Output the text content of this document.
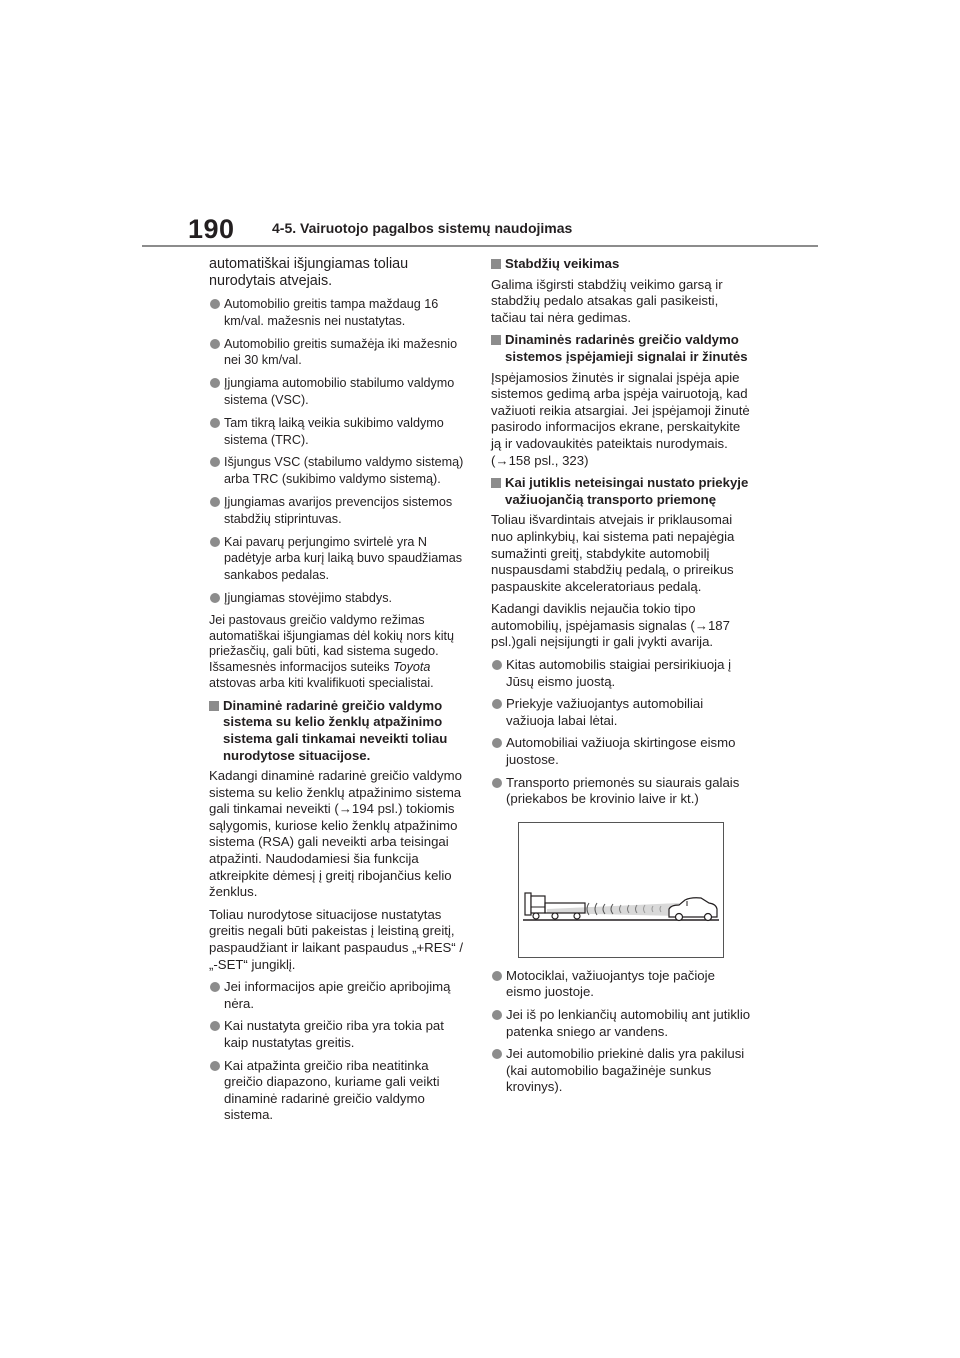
190	4-5. Vairuotojo pagalbos sistemų naudojimas

automatiškai išjungiamas toliau nurodytais atvejais.

Automobilio greitis tampa maždaug 16 km/val. mažesnis nei nustatytas.
Automobilio greitis sumažėja iki mažesnio nei 30 km/val.
Įjungiama automobilio stabilumo valdymo sistema (VSC).
Tam tikrą laiką veikia sukibimo valdymo sistema (TRC).
Išjungus VSC (stabilumo valdymo sistemą) arba TRC (sukibimo valdymo sistemą).
Įjungiamas avarijos prevencijos sistemos stabdžių stiprintuvas.
Kai pavarų perjungimo svirtelė yra N padėtyje arba kurį laiką buvo spaudžiamas sankabos pedalas.
Įjungiamas stovėjimo stabdys.

Jei pastovaus greičio valdymo režimas automatiškai išjungiamas dėl kokių nors kitų priežasčių, gali būti, kad sistema sugedo. Išsamesnės informacijos suteiks Toyota atstovas arba kiti kvalifikuoti specialistai.

Dinaminė radarinė greičio valdymo sistema su kelio ženklų atpažinimo sistema gali tinkamai neveikti toliau nurodytose situacijose.

Kadangi dinaminė radarinė greičio valdymo sistema su kelio ženklų atpažinimo sistema gali tinkamai neveikti (→194 psl.) tokiomis sąlygomis, kuriose kelio ženklų atpažinimo sistema (RSA) gali neveikti arba teisingai atpažinti. Naudodamiesi šia funkcija atkreipkite dėmesį į greitį ribojančius kelio ženklus.

Toliau nurodytose situacijose nustatytas greitis negali būti pakeistas į leistiną greitį, paspaudžiant ir laikant paspaudus „+RES“ / „-SET“ jungiklį.

Jei informacijos apie greičio apribojimą nėra.
Kai nustatyta greičio riba yra tokia pat kaip nustatytas greitis.
Kai atpažinta greičio riba neatitinka greičio diapazono, kuriame gali veikti dinaminė radarinė greičio valdymo sistema.
Stabdžių veikimas

Galima išgirsti stabdžių veikimo garsą ir stabdžių pedalo atsakas gali pasikeisti, tačiau tai nėra gedimas.

Dinaminės radarinės greičio valdymo sistemos įspėjamieji signalai ir žinutės

Įspėjamosios žinutės ir signalai įspėja apie sistemos gedimą arba įspėja vairuotoją, kad važiuoti reikia atsargiai. Jei įspėjamoji žinutė pasirodo informacijos ekrane, perskaitykite ją ir vadovaukitės pateiktais nurodymais. (→158 psl., 323)

Kai jutiklis neteisingai nustato priekyje važiuojančią transporto priemonę

Toliau išvardintais atvejais ir priklausomai nuo aplinkybių, kai sistema pati nepajėgia sumažinti greitį, stabdykite automobilį nuspausdami stabdžių pedalą, o prireikus paspauskite akceleratoriaus pedalą.

Kadangi daviklis nejaučia tokio tipo automobilių, įspėjamasis signalas (→187 psl.)gali neįsijungti ir gali įvykti avarija.

Kitas automobilis staigiai persirikiuoja į Jūsų eismo juostą.
Priekyje važiuojantys automobiliai važiuoja labai lėtai.
Automobiliai važiuoja skirtingose eismo juostose.
Transporto priemonės su siaurais galais (priekabos be krovinio laive ir kt.)
Motociklai, važiuojantys toje pačioje eismo juostoje.
Jei iš po lenkiančių automobilių ant jutiklio patenka sniego ar vandens.
Jei automobilio priekinė dalis yra pakilusi (kai automobilio bagažinėje sunkus krovinys).
